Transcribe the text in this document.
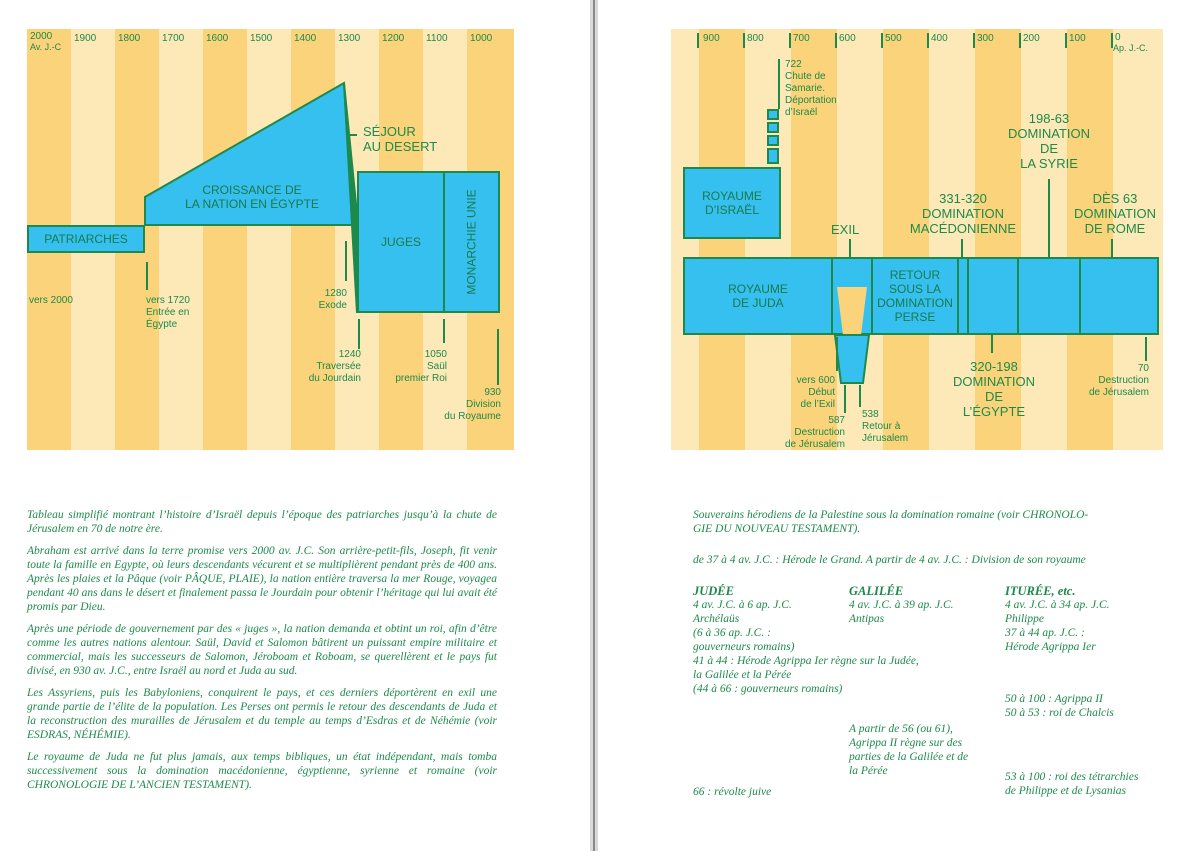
2000
Av. J.-C
1900 1800 1700 1600 1500 1400 1300 1200 1100 1000
PATRIARCHES
CROISSANCE DE
LA NATION EN ÉGYPTE
JUGES	MONARCHIE UNIE
SÉJOUR
AU DESERT
vers 2000	vers 1720
Entrée en
Égypte
1280
Exode
1240
Traversée
du Jourdain
1050
Saül
premier Roi
930
Division
du Royaume

Tableau simplifié montrant l’histoire d’Israël depuis l’époque des patriarches jusqu’à la chute de Jérusalem en 70 de notre ère.

Abraham est arrivé dans la terre promise vers 2000 av. J.C. Son arrière-petit-fils, Joseph, fit venir toute la famille en Egypte, où leurs descendants vécurent et se multiplièrent pendant près de 400 ans. Après les plaies et la Pâque (voir PÂQUE, PLAIE), la nation entière traversa la mer Rouge, voyagea pendant 40 ans dans le désert et finalement passa le Jourdain pour obtenir l’héritage qui lui avait été promis par Dieu.

Après une période de gouvernement par des « juges », la nation demanda et obtint un roi, afin d’être comme les autres nations alentour. Saül, David et Salomon bâtirent un puissant empire militaire et commercial, mais les successeurs de Salomon, Jéroboam et Roboam, se querellèrent et le pays fut divisé, en 930 av. J.C., entre Israël au nord et Juda au sud.

Les Assyriens, puis les Babyloniens, conquirent le pays, et ces derniers déportèrent en exil une grande partie de l’élite de la population. Les Perses ont permis le retour des descendants de Juda et la reconstruction des murailles de Jérusalem et du temple au temps d’Esdras et de Néhémie (voir ESDRAS, NÉHÉMIE).

Le royaume de Juda ne fut plus jamais, aux temps bibliques, un état indépendant, mais tomba successivement sous la domination macédonienne, égyptienne, syrienne et romaine (voir CHRONOLOGIE DE L’ANCIEN TESTAMENT).

900	800	700	600	500	400	300	200	100	0
Ap. J.-C.
722
Chute de
Samarie.
Déportation
d’Israël
ROYAUME
D’ISRAËL
EXIL
331-320
DOMINATION
MACÉDONIENNE
198-63
DOMINATION
DE
LA SYRIE
DÈS 63
DOMINATION
DE ROME
ROYAUME
DE JUDA
RETOUR
SOUS LA
DOMINATION
PERSE
vers 600
Début
de l’Exil
587
Destruction
de Jérusalem
538
Retour à
Jérusalem
320-198
DOMINATION
DE
L’ÉGYPTE
70
Destruction
de Jérusalem
Souverains hérodiens de la Palestine sous la domination romaine (voir CHRONOLO-
GIE DU NOUVEAU TESTAMENT).
de 37 à 4 av. J.C. : Hérode le Grand. A partir de 4 av. J.C. : Division de son royaume
JUDÉE
4 av. J.C. à 6 ap. J.C.
Archélaüs
(6 à 36 ap. J.C. :
gouverneurs romains)
41 à 44 : Hérode Agrippa Ier règne sur la Judée,
la Galilée et la Pérée
(44 à 66 : gouverneurs romains)
66 : révolte juive
GALILÉE
4 av. J.C. à 39 ap. J.C.
Antipas
A partir de 56 (ou 61),
Agrippa II règne sur des
parties de la Galilée et de
la Pérée
ITURÉE, etc.
4 av. J.C. à 34 ap. J.C.
Philippe
37 à 44 ap. J.C. :
Hérode Agrippa Ier
50 à 100 : Agrippa II
50 à 53 : roi de Chalcis
53 à 100 : roi des tétrarchies
de Philippe et de Lysanias
